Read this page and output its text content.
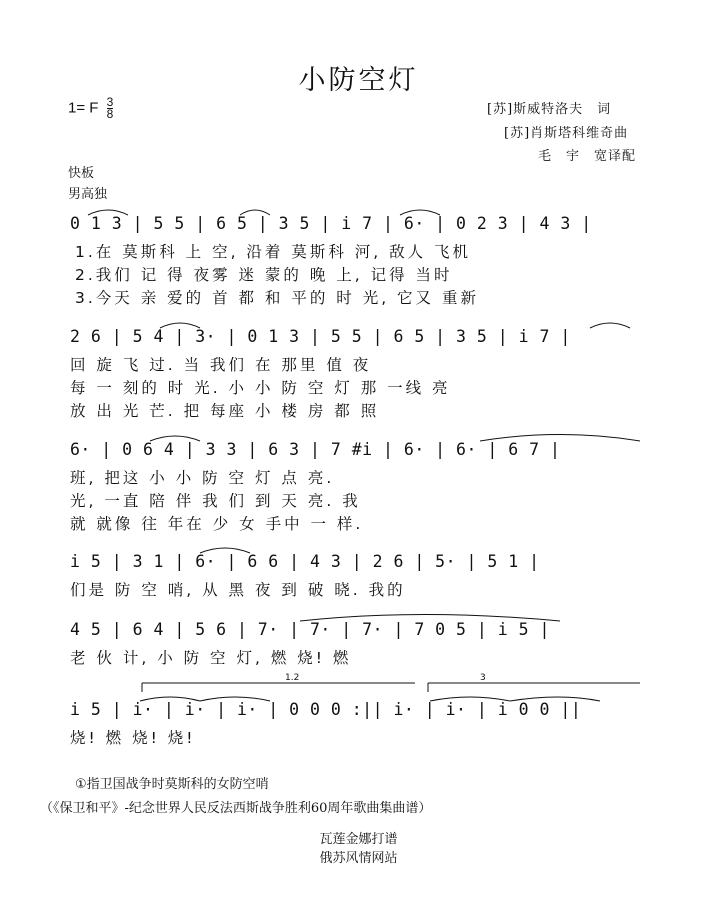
小防空灯
1= F $\frac{3}{8}$	[苏]斯威特洛夫　词
[苏]肖斯塔科维奇曲
毛　宇　宽译配
快板
男高独
0 1 3 | 5 5 | 6 5 | 3 5 | i 7 | 6· | 0 2 3 | 4 3 |
1.在 莫斯科 上 空, 沿着 莫斯科 河, 敌人 飞机
2.我们 记 得 夜雾 迷 蒙的 晚 上, 记得 当时
3.今天 亲 爱的 首 都 和 平的 时 光, 它又 重新
2 6 | 5 4 | 3· | 0 1 3 | 5 5 | 6 5 | 3 5 | i 7 |
回 旋 飞 过. 当 我们 在 那里 值 夜
每 一 刻的 时 光. 小 小 防 空 灯 那 一线 亮
放 出 光 芒. 把 每座 小 楼 房 都 照
6· | 0 6 4 | 3 3 | 6 3 | 7 #i | 6· | 6· | 6 7 |
班, 把这 小 小 防 空 灯 点 亮.
光, 一直 陪 伴 我 们 到 天 亮. 我
就 就像 往 年在 少 女 手中 一 样.
i 5 | 3 1 | 6· | 6 6 | 4 3 | 2 6 | 5· | 5 1 |
们是 防 空 哨, 从 黑 夜 到 破 晓. 我的
4 5 | 6 4 | 5 6 | 7· | 7· | 7· | 7 0 5 | i 5 |
老 伙 计, 小 防 空 灯, 燃 烧! 燃
i 5 | i· | i· | i· | 0 0 0 :|| i· | i· | i 0 0 ||
烧! 燃 烧! 烧!
1.2	3
①指卫国战争时莫斯科的女防空哨
（《保卫和平》-纪念世界人民反法西斯战争胜利60周年歌曲集曲谱）
瓦莲金娜打谱
俄苏风情网站
